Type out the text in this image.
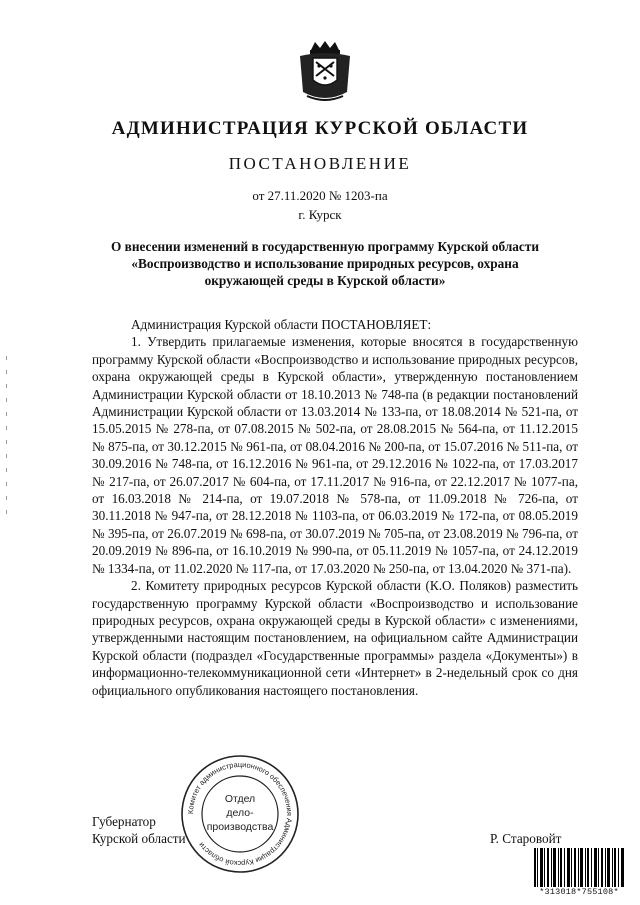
АДМИНИСТРАЦИЯ КУРСКОЙ ОБЛАСТИ
ПОСТАНОВЛЕНИЕ
от 27.11.2020 № 1203-па
г. Курск
О внесении изменений в государственную программу Курской области «Воспроизводство и использование природных ресурсов, охрана окружающей среды в Курской области»

Администрация Курской области ПОСТАНОВЛЯЕТ:

1. Утвердить прилагаемые изменения, которые вносятся в государственную программу Курской области «Воспроизводство и использование природных ресурсов, охрана окружающей среды в Курской области», утвержденную постановлением Администрации Курской области от 18.10.2013 № 748-па (в редакции постановлений Администрации Курской области от 13.03.2014 № 133-па, от 18.08.2014 № 521-па, от 15.05.2015 № 278-па, от 07.08.2015 № 502-па, от 28.08.2015 № 564-па, от 11.12.2015 № 875-па, от 30.12.2015 № 961-па, от 08.04.2016 № 200-па, от 15.07.2016 № 511-па, от 30.09.2016 № 748-па, от 16.12.2016 № 961-па, от 29.12.2016 № 1022-па, от 17.03.2017 № 217-па, от 26.07.2017 № 604-па, от 17.11.2017 № 916-па, от 22.12.2017 № 1077-па, от 16.03.2018 № 214-па, от 19.07.2018 № 578-па, от 11.09.2018 № 726-па, от 30.11.2018 № 947-па, от 28.12.2018 № 1103-па, от 06.03.2019 № 172-па, от 08.05.2019 № 395-па, от 26.07.2019 № 698-па, от 30.07.2019 № 705-па, от 23.08.2019 № 796-па, от 20.09.2019 № 896-па, от 16.10.2019 № 990-па, от 05.11.2019 № 1057-па, от 24.12.2019 № 1334-па, от 11.02.2020 № 117-па, от 17.03.2020 № 250-па, от 13.04.2020 № 371-па).

2. Комитету природных ресурсов Курской области (К.О. Поляков) разместить государственную программу Курской области «Воспроизводство и использование природных ресурсов, охрана окружающей среды в Курской области» с изменениями, утвержденными настоящим постановлением, на официальном сайте Администрации Курской области (подраздел «Государственные программы» раздела «Документы») в информационно-телекоммуникационной сети «Интернет» в 2-недельный срок со дня официального опубликования настоящего постановления.

Губернатор
Курской области	Р. Старовойт
Комитет администрационного обеспечения Администрации Курской области
Отдел
дело-
производства
*313018*755108*
